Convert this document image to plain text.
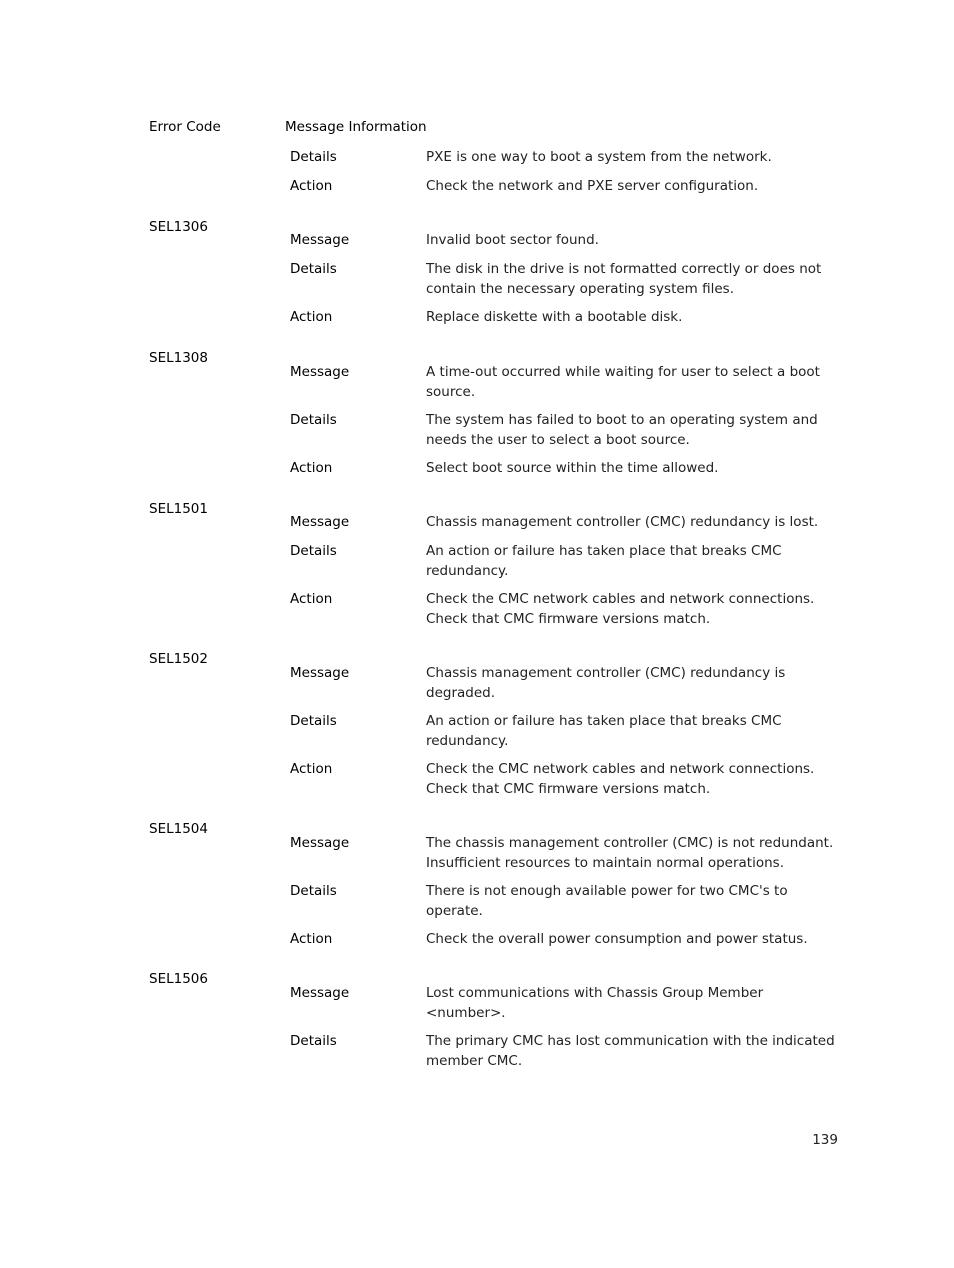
Error Code	Message Information
Details	PXE is one way to boot a system from the network.
Action	Check the network and PXE server configuration.
SEL1306
Message	Invalid boot sector found.
Details	The disk in the drive is not formatted correctly or does not contain the necessary operating system files.
Action	Replace diskette with a bootable disk.
SEL1308
Message	A time-out occurred while waiting for user to select a boot source.
Details	The system has failed to boot to an operating system and needs the user to select a boot source.
Action	Select boot source within the time allowed.
SEL1501
Message	Chassis management controller (CMC) redundancy is lost.
Details	An action or failure has taken place that breaks CMC redundancy.
Action	Check the CMC network cables and network connections. Check that CMC firmware versions match.
SEL1502
Message	Chassis management controller (CMC) redundancy is degraded.
Details	An action or failure has taken place that breaks CMC redundancy.
Action	Check the CMC network cables and network connections. Check that CMC firmware versions match.
SEL1504
Message	The chassis management controller (CMC) is not redundant. Insufficient resources to maintain normal operations.
Details	There is not enough available power for two CMC's to operate.
Action	Check the overall power consumption and power status.
SEL1506
Message	Lost communications with Chassis Group Member <number>.
Details	The primary CMC has lost communication with the indicated member CMC.
139
